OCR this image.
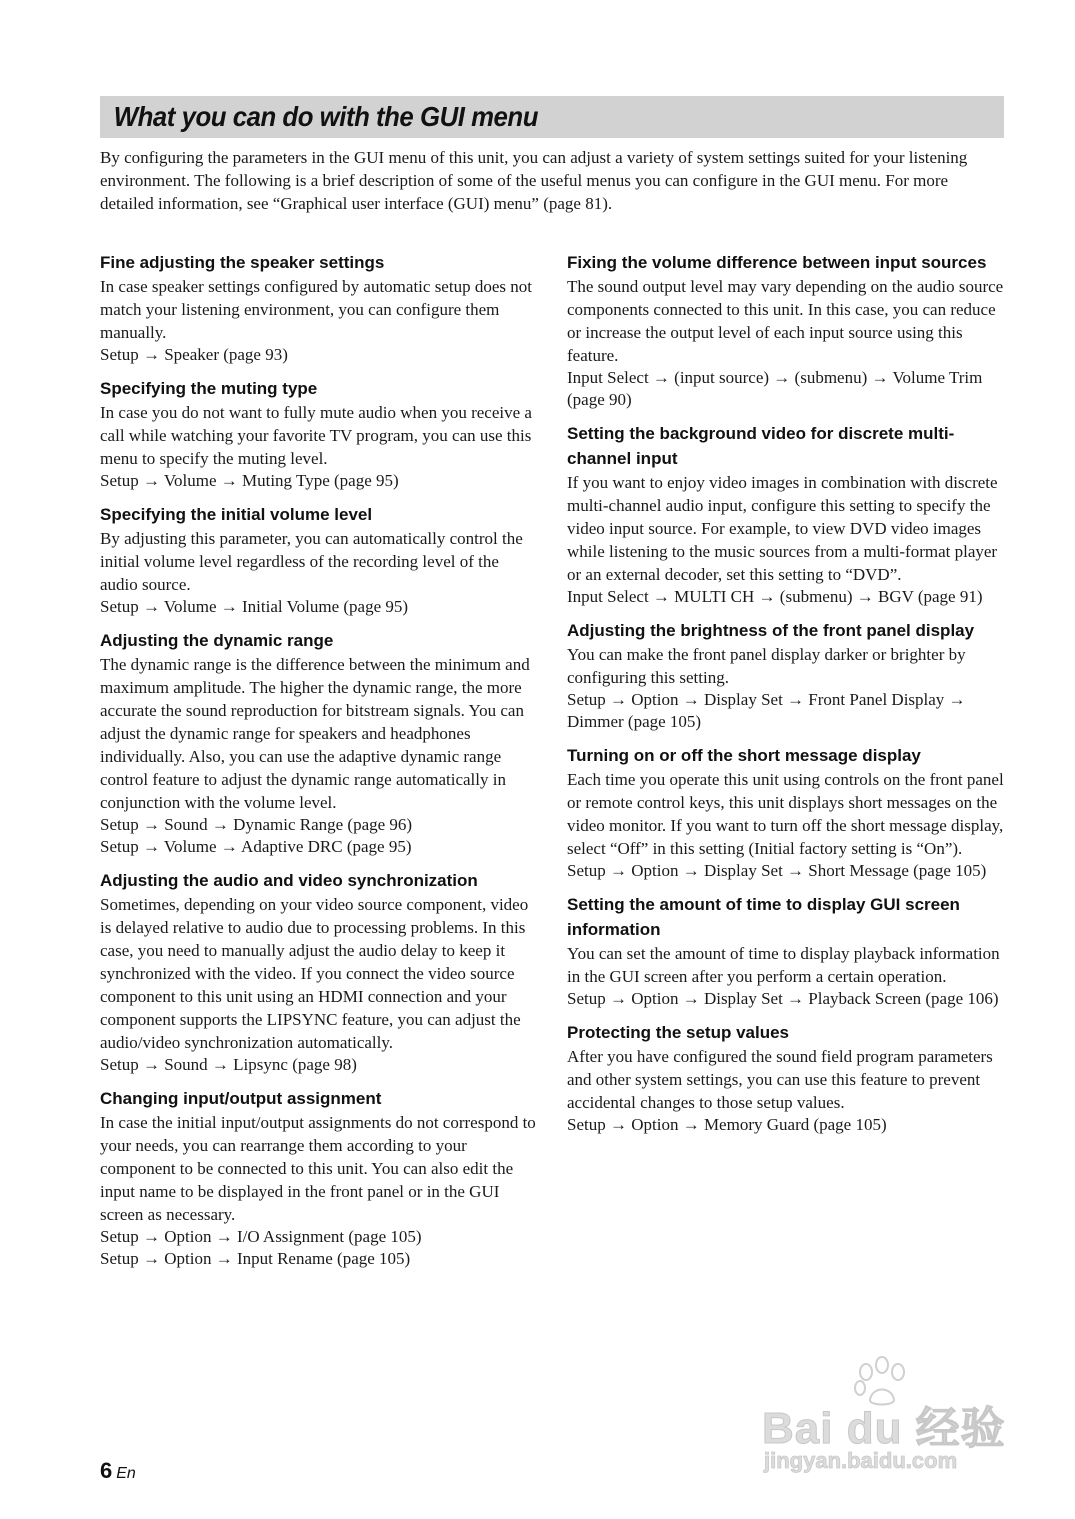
What you can do with the GUI menu

By configuring the parameters in the GUI menu of this unit, you can adjust a variety of system settings suited for your listening environment. The following is a brief description of some of the useful menus you can configure in the GUI menu. For more detailed information, see “Graphical user interface (GUI) menu” (page 81).

Fine adjusting the speaker settings

In case speaker settings configured by automatic setup does not match your listening environment, you can configure them manually.

Setup → Speaker (page 93)
Specifying the muting type

In case you do not want to fully mute audio when you receive a call while watching your favorite TV program, you can use this menu to specify the muting level.

Setup → Volume → Muting Type (page 95)
Specifying the initial volume level

By adjusting this parameter, you can automatically control the initial volume level regardless of the recording level of the audio source.

Setup → Volume → Initial Volume (page 95)
Adjusting the dynamic range

The dynamic range is the difference between the minimum and maximum amplitude. The higher the dynamic range, the more accurate the sound reproduction for bitstream signals. You can adjust the dynamic range for speakers and headphones individually. Also, you can use the adaptive dynamic range control feature to adjust the dynamic range automatically in conjunction with the volume level.

Setup → Sound → Dynamic Range (page 96)
Setup → Volume → Adaptive DRC (page 95)
Adjusting the audio and video synchronization

Sometimes, depending on your video source component, video is delayed relative to audio due to processing problems. In this case, you need to manually adjust the audio delay to keep it synchronized with the video. If you connect the video source component to this unit using an HDMI connection and your component supports the LIPSYNC feature, you can adjust the audio/video synchronization automatically.

Setup → Sound → Lipsync (page 98)
Changing input/output assignment

In case the initial input/output assignments do not correspond to your needs, you can rearrange them according to your component to be connected to this unit. You can also edit the input name to be displayed in the front panel or in the GUI screen as necessary.

Setup → Option → I/O Assignment (page 105)
Setup → Option → Input Rename (page 105)
Fixing the volume difference between input sources

The sound output level may vary depending on the audio source components connected to this unit. In this case, you can reduce or increase the output level of each input source using this feature.

Input Select → (input source) → (submenu) → Volume Trim (page 90)
Setting the background video for discrete multi-channel input

If you want to enjoy video images in combination with discrete multi-channel audio input, configure this setting to specify the video input source. For example, to view DVD video images while listening to the music sources from a multi-format player or an external decoder, set this setting to “DVD”.

Input Select → MULTI CH → (submenu) → BGV (page 91)
Adjusting the brightness of the front panel display

You can make the front panel display darker or brighter by configuring this setting.

Setup → Option → Display Set → Front Panel Display → Dimmer (page 105)
Turning on or off the short message display

Each time you operate this unit using controls on the front panel or remote control keys, this unit displays short messages on the video monitor. If you want to turn off the short message display, select “Off” in this setting (Initial factory setting is “On”).

Setup → Option → Display Set → Short Message (page 105)
Setting the amount of time to display GUI screen information

You can set the amount of time to display playback information in the GUI screen after you perform a certain operation.

Setup → Option → Display Set → Playback Screen (page 106)
Protecting the setup values

After you have configured the sound field program parameters and other system settings, you can use this feature to prevent accidental changes to those setup values.

Setup → Option → Memory Guard (page 105)
6 En
Bai du 经验
jingyan.baidu.com
